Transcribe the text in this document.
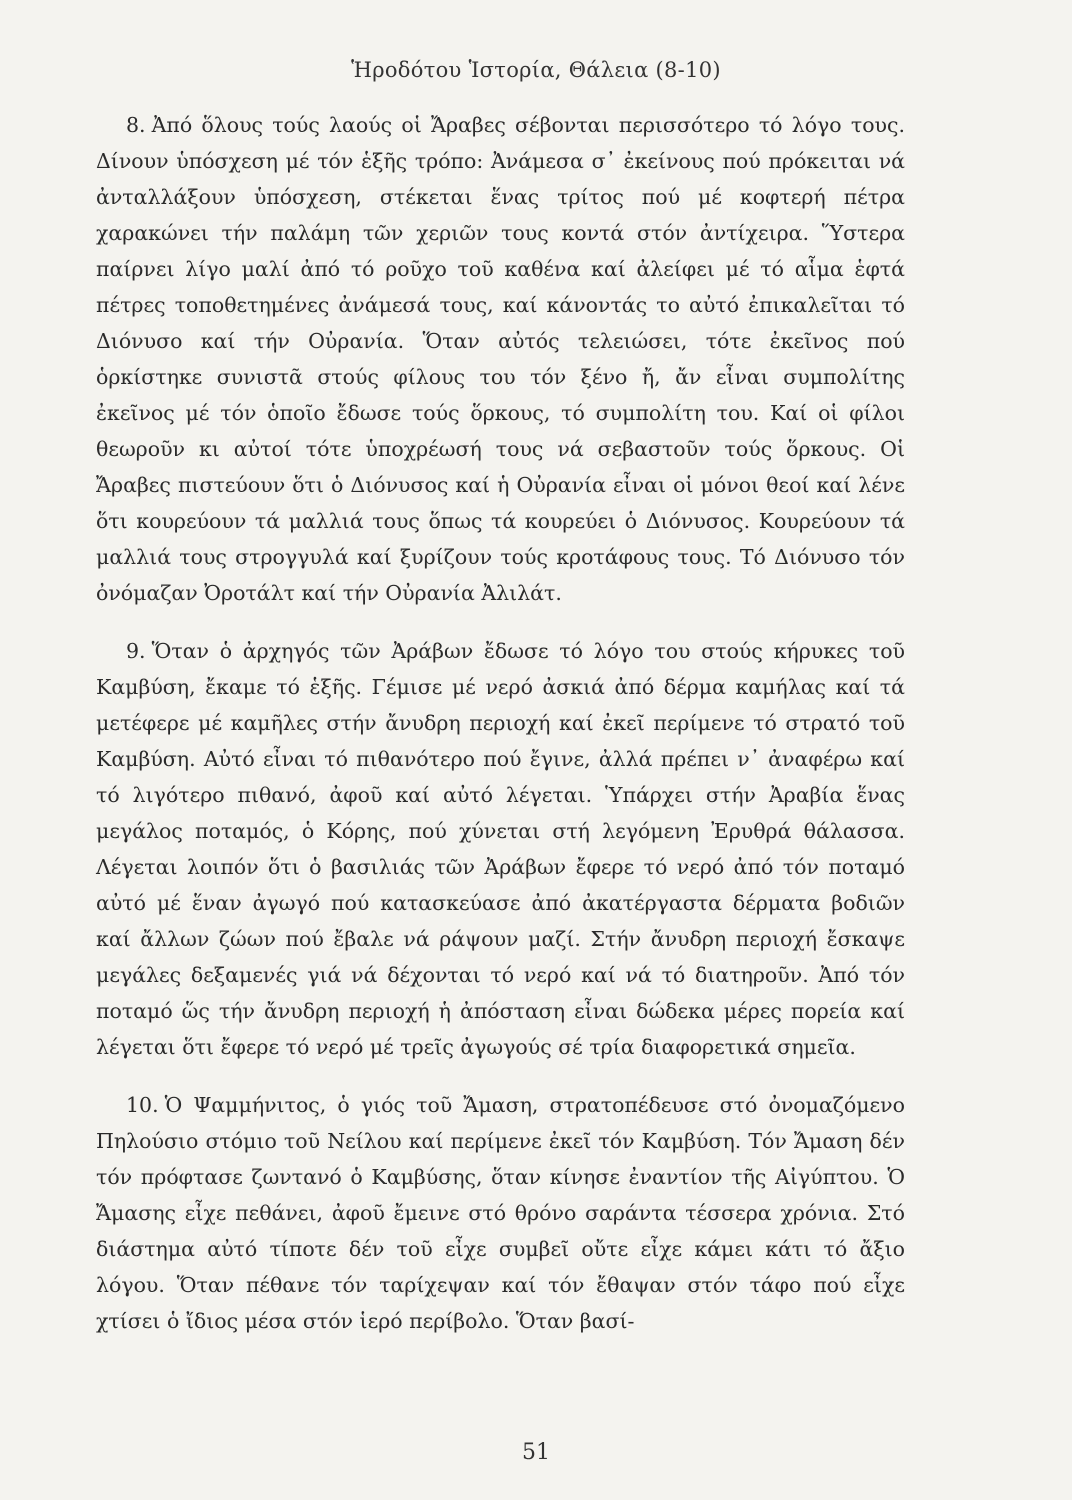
Ἡροδότου Ἱστορία, Θάλεια (8-10)

8. Ἀπό ὅλους τούς λαούς οἱ Ἄραβες σέβονται περισσότερο τό λόγο τους. Δίνουν ὑπόσχεση μέ τόν ἑξῆς τρόπο: Ἀνάμεσα σ᾽ ἐκείνους πού πρόκειται νά ἀνταλλάξουν ὑπόσχεση, στέκεται ἕνας τρίτος πού μέ κοφτερή πέτρα χαρακώνει τήν παλάμη τῶν χεριῶν τους κοντά στόν ἀντίχειρα. Ὕστερα παίρνει λίγο μαλί ἀπό τό ροῦχο τοῦ καθένα καί ἀλείφει μέ τό αἷμα ἑφτά πέτρες τοποθετημένες ἀνάμεσά τους, καί κάνοντάς το αὐτό ἐπικαλεῖται τό Διόνυσο καί τήν Οὐρανία. Ὅταν αὐτός τελειώσει, τότε ἐκεῖνος πού ὁρκίστηκε συνιστᾶ στούς φίλους του τόν ξένο ἤ, ἄν εἶναι συμπολίτης ἐκεῖνος μέ τόν ὁποῖο ἔδωσε τούς ὅρκους, τό συμπολίτη του. Καί οἱ φίλοι θεωροῦν κι αὐτοί τότε ὑποχρέωσή τους νά σεβαστοῦν τούς ὅρκους. Οἱ Ἄραβες πιστεύουν ὅτι ὁ Διόνυσος καί ἡ Οὐρανία εἶναι οἱ μόνοι θεοί καί λένε ὅτι κουρεύουν τά μαλλιά τους ὅπως τά κουρεύει ὁ Διόνυσος. Κουρεύουν τά μαλλιά τους στρογγυλά καί ξυρίζουν τούς κροτάφους τους. Τό Διόνυσο τόν ὀνόμαζαν Ὀροτάλτ καί τήν Οὐρανία Ἀλιλάτ.

9. Ὅταν ὁ ἀρχηγός τῶν Ἀράβων ἔδωσε τό λόγο του στούς κήρυκες τοῦ Καμβύση, ἔκαμε τό ἑξῆς. Γέμισε μέ νερό ἀσκιά ἀπό δέρμα καμήλας καί τά μετέφερε μέ καμῆλες στήν ἄνυδρη περιοχή καί ἐκεῖ περίμενε τό στρατό τοῦ Καμβύση. Αὐτό εἶναι τό πιθανότερο πού ἔγινε, ἀλλά πρέπει ν᾽ ἀναφέρω καί τό λιγότερο πιθανό, ἀφοῦ καί αὐτό λέγεται. Ὑπάρχει στήν Ἀραβία ἕνας μεγάλος ποταμός, ὁ Κόρης, πού χύνεται στή λεγόμενη Ἐρυθρά θάλασσα. Λέγεται λοιπόν ὅτι ὁ βασιλιάς τῶν Ἀράβων ἔφερε τό νερό ἀπό τόν ποταμό αὐτό μέ ἕναν ἀγωγό πού κατασκεύασε ἀπό ἀκατέργαστα δέρματα βοδιῶν καί ἄλλων ζώων πού ἔβαλε νά ράψουν μαζί. Στήν ἄνυδρη περιοχή ἔσκαψε μεγάλες δεξαμενές γιά νά δέχονται τό νερό καί νά τό διατηροῦν. Ἀπό τόν ποταμό ὥς τήν ἄνυδρη περιοχή ἡ ἀπόσταση εἶναι δώδεκα μέρες πορεία καί λέγεται ὅτι ἔφερε τό νερό μέ τρεῖς ἀγωγούς σέ τρία διαφορετικά σημεῖα.

10. Ὁ Ψαμμήνιτος, ὁ γιός τοῦ Ἄμαση, στρατοπέδευσε στό ὀνομαζόμενο Πηλούσιο στόμιο τοῦ Νείλου καί περίμενε ἐκεῖ τόν Καμβύση. Τόν Ἄμαση δέν τόν πρόφτασε ζωντανό ὁ Καμβύσης, ὅταν κίνησε ἐναντίον τῆς Αἰγύπτου. Ὁ Ἄμασης εἶχε πεθάνει, ἀφοῦ ἔμεινε στό θρόνο σαράντα τέσσερα χρόνια. Στό διάστημα αὐτό τίποτε δέν τοῦ εἶχε συμβεῖ οὔτε εἶχε κάμει κάτι τό ἄξιο λόγου. Ὅταν πέθανε τόν ταρίχεψαν καί τόν ἔθαψαν στόν τάφο πού εἶχε χτίσει ὁ ἴδιος μέσα στόν ἱερό περίβολο. Ὅταν βασί-

51
